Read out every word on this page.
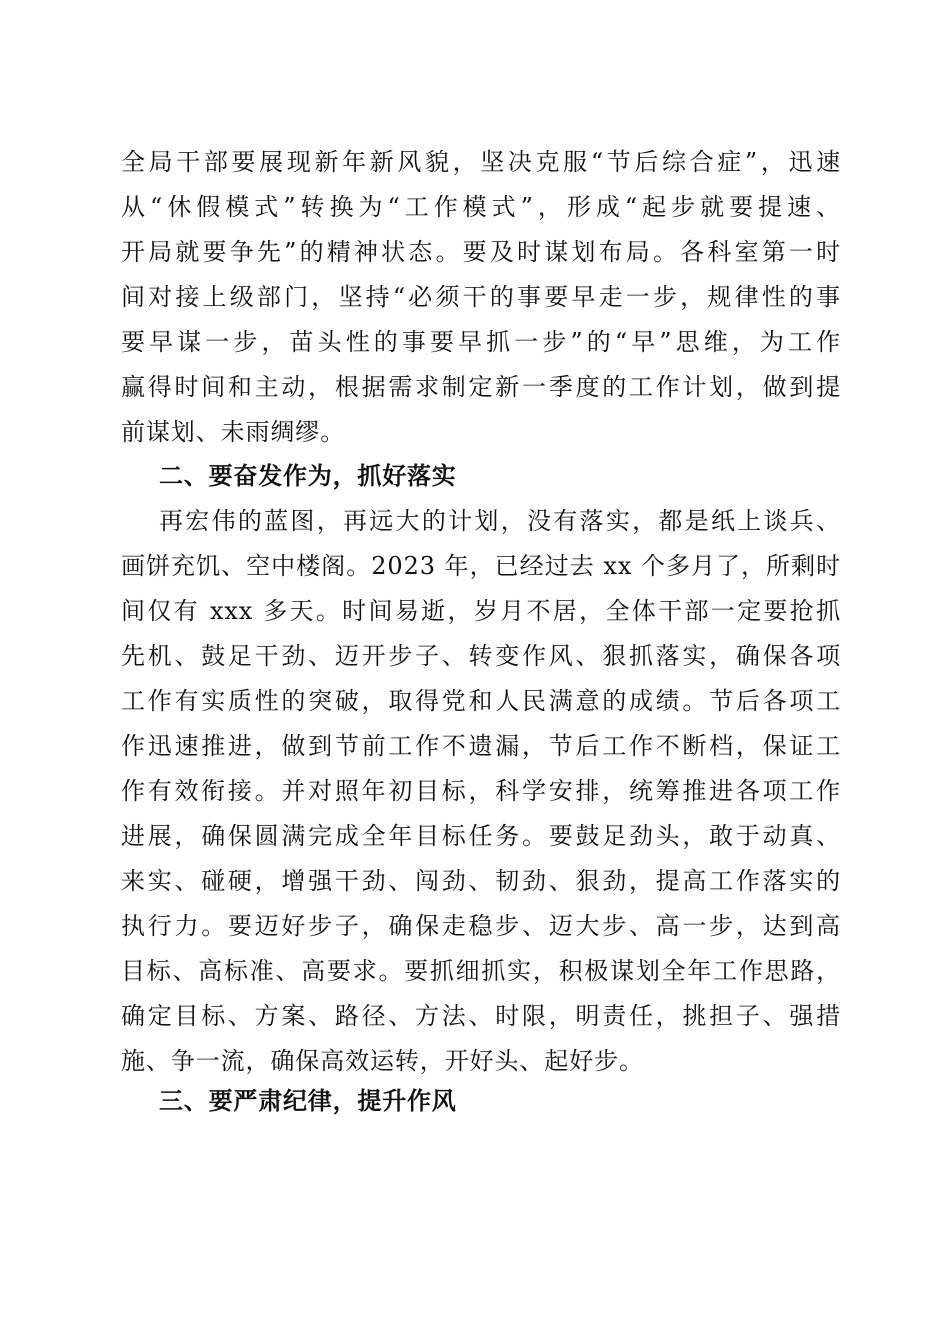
全局干部要展现新年新风貌，坚决克服“节后综合症”，迅速
从“休假模式”转换为“工作模式”，形成“起步就要提速、
开局就要争先”的精神状态。要及时谋划布局。各科室第一时
间对接上级部门，坚持“必须干的事要早走一步，规律性的事
要早谋一步，苗头性的事要早抓一步”的“早”思维，为工作
赢得时间和主动，根据需求制定新一季度的工作计划，做到提
前谋划、未雨绸缪。
二、要奋发作为，抓好落实
再宏伟的蓝图，再远大的计划，没有落实，都是纸上谈兵、
画饼充饥、空中楼阁。2023 年，已经过去 xx 个多月了，所剩时
间仅有 xxx 多天。时间易逝，岁月不居，全体干部一定要抢抓
先机、鼓足干劲、迈开步子、转变作风、狠抓落实，确保各项
工作有实质性的突破，取得党和人民满意的成绩。节后各项工
作迅速推进，做到节前工作不遗漏，节后工作不断档，保证工
作有效衔接。并对照年初目标，科学安排，统筹推进各项工作
进展，确保圆满完成全年目标任务。要鼓足劲头，敢于动真、
来实、碰硬，增强干劲、闯劲、韧劲、狠劲，提高工作落实的
执行力。要迈好步子，确保走稳步、迈大步、高一步，达到高
目标、高标准、高要求。要抓细抓实，积极谋划全年工作思路，
确定目标、方案、路径、方法、时限，明责任，挑担子、强措
施、争一流，确保高效运转，开好头、起好步。
三、要严肃纪律，提升作风
